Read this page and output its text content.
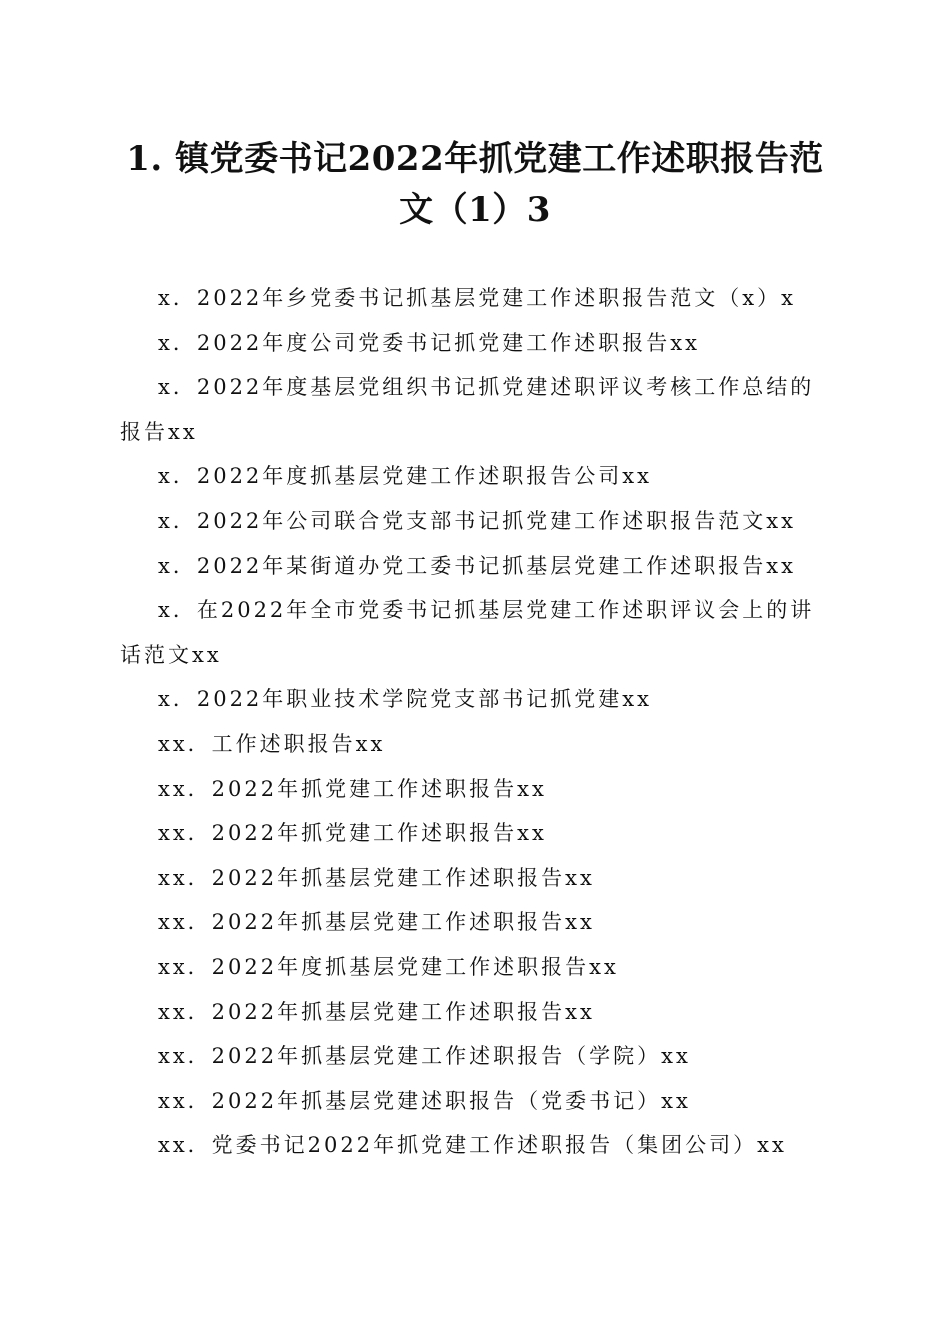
1. 镇党委书记2022年抓党建工作述职报告范文（1）3
x．2022年乡党委书记抓基层党建工作述职报告范文（x）x
x．2022年度公司党委书记抓党建工作述职报告xx
x．2022年度基层党组织书记抓党建述职评议考核工作总结的报告xx
x．2022年度抓基层党建工作述职报告公司xx
x．2022年公司联合党支部书记抓党建工作述职报告范文xx
x．2022年某街道办党工委书记抓基层党建工作述职报告xx
x．在2022年全市党委书记抓基层党建工作述职评议会上的讲话范文xx
x．2022年职业技术学院党支部书记抓党建xx
xx．工作述职报告xx
xx．2022年抓党建工作述职报告xx
xx．2022年抓党建工作述职报告xx
xx．2022年抓基层党建工作述职报告xx
xx．2022年抓基层党建工作述职报告xx
xx．2022年度抓基层党建工作述职报告xx
xx．2022年抓基层党建工作述职报告xx
xx．2022年抓基层党建工作述职报告（学院）xx
xx．2022年抓基层党建述职报告（党委书记）xx
xx．党委书记2022年抓党建工作述职报告（集团公司）xx
